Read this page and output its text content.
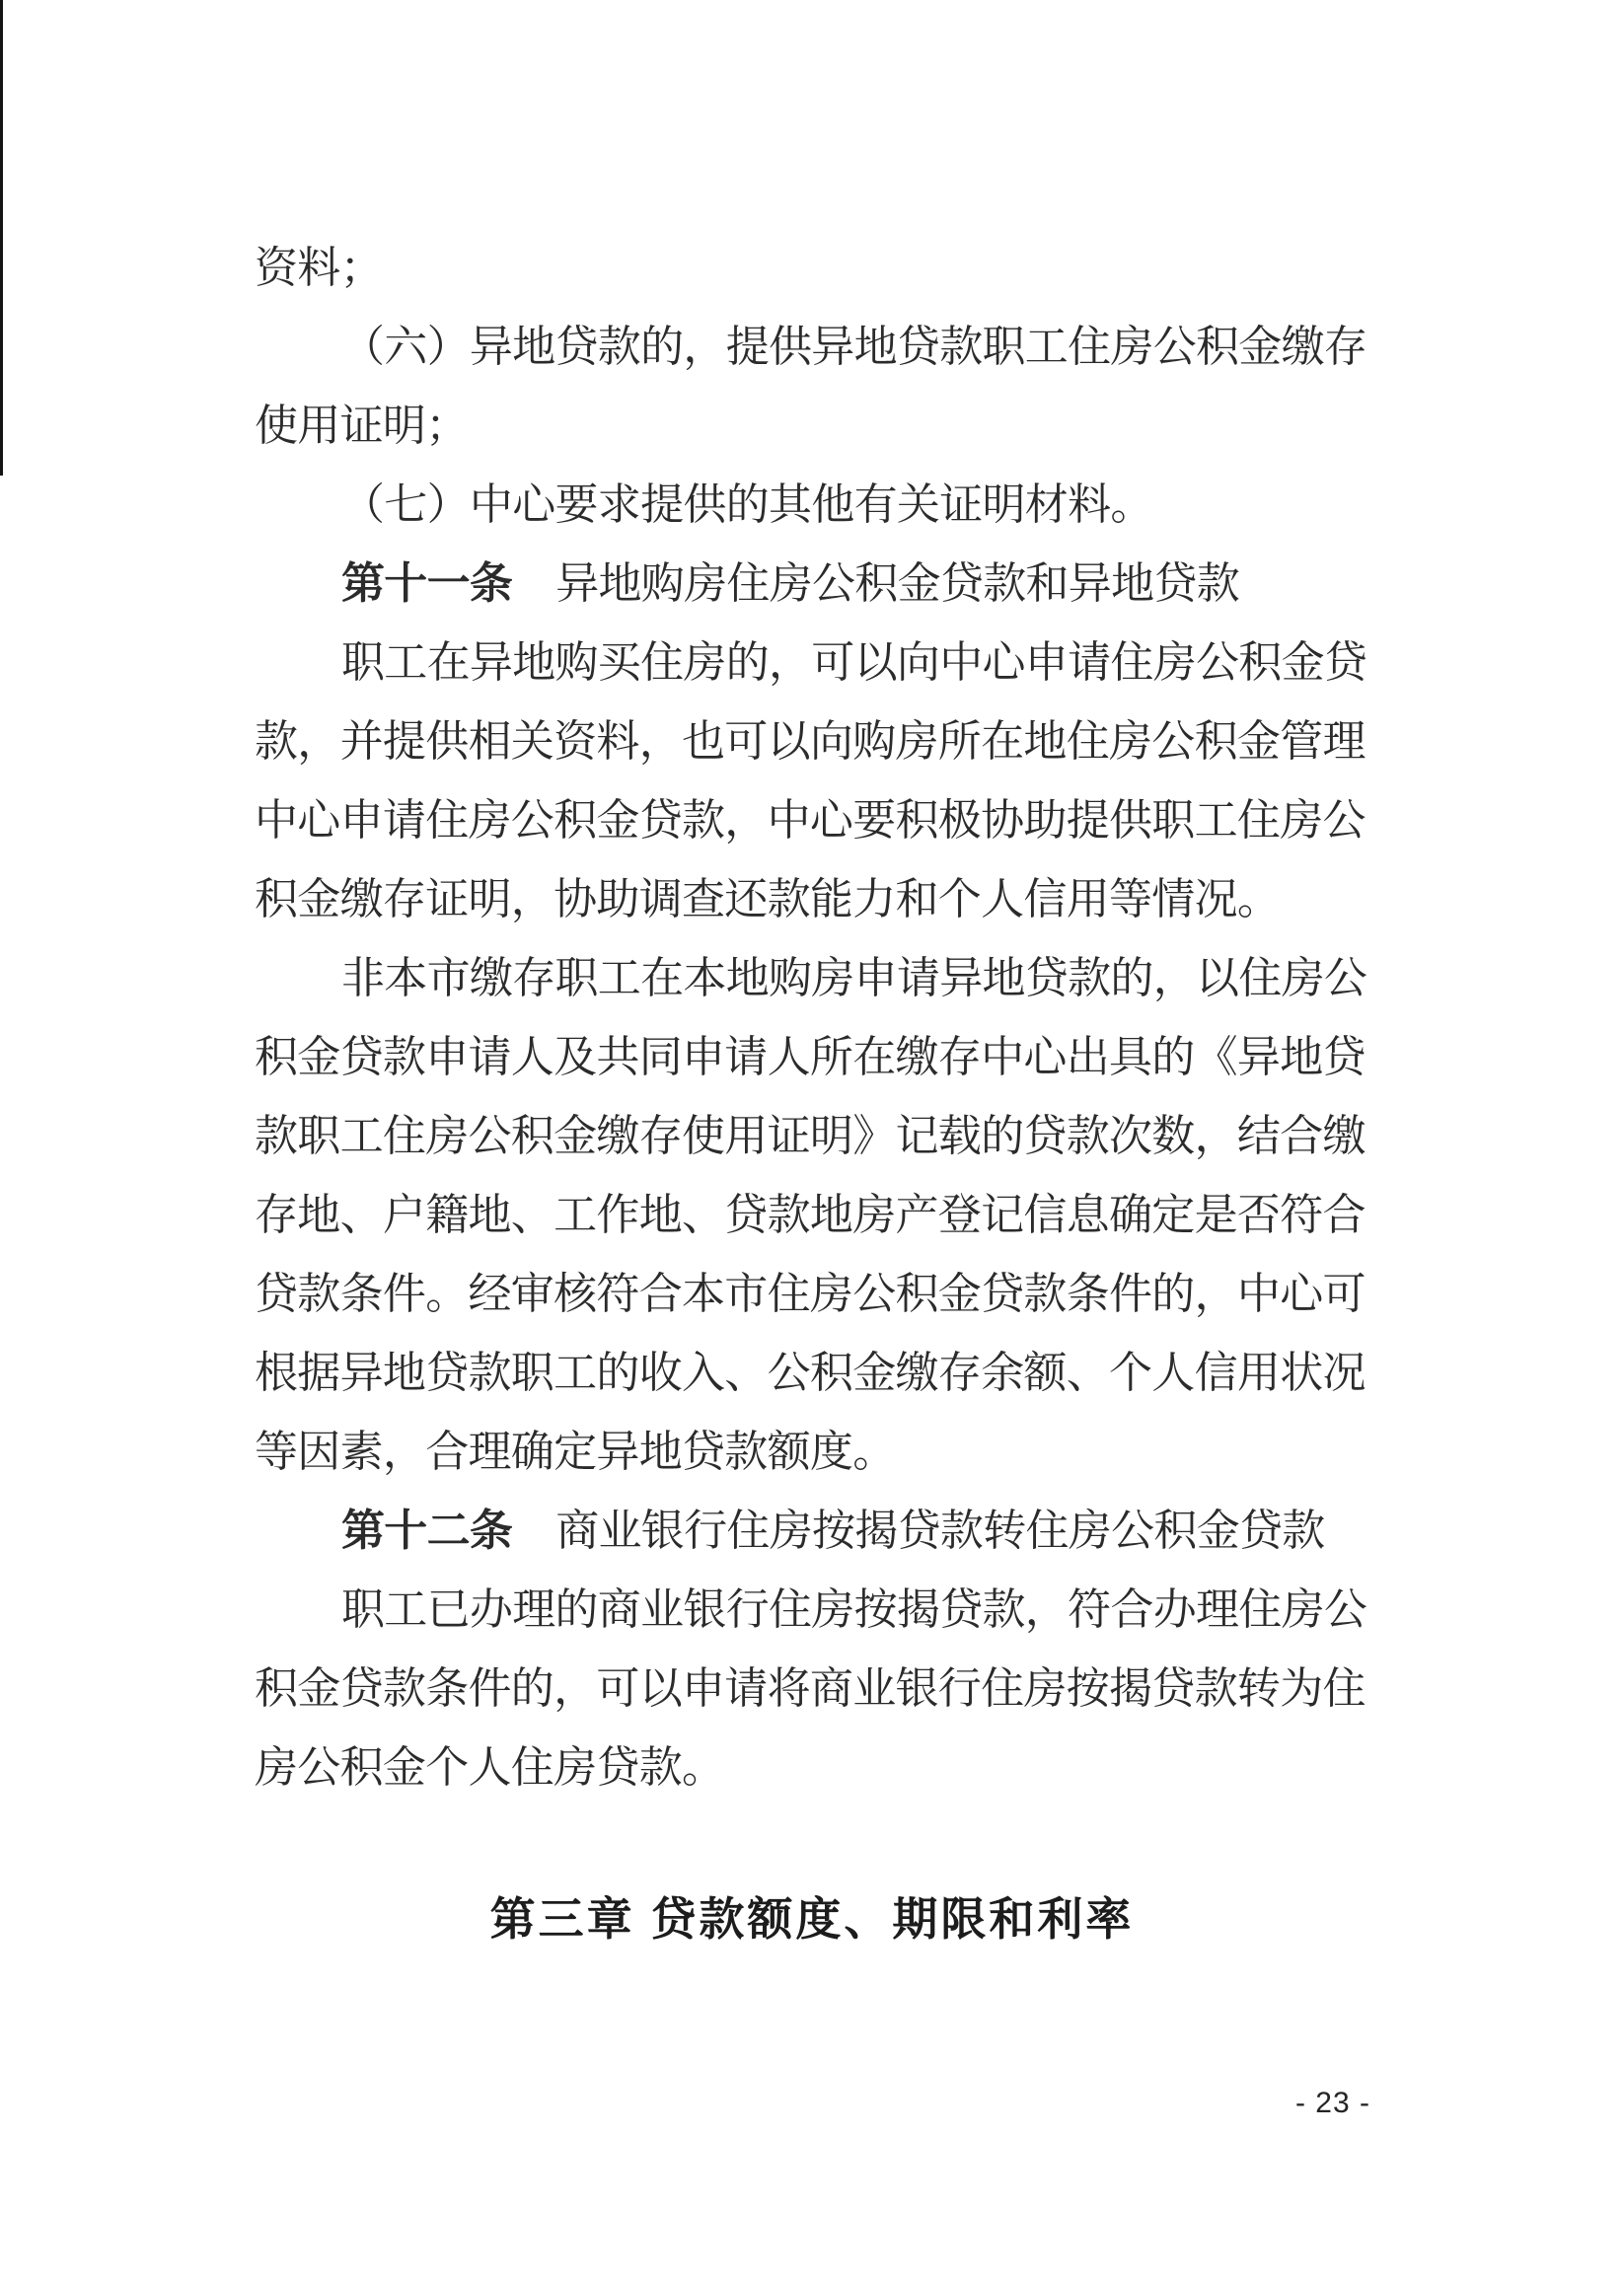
资料；
（六）异地贷款的，提供异地贷款职工住房公积金缴存
使用证明；
（七）中心要求提供的其他有关证明材料。
第十一条 异地购房住房公积金贷款和异地贷款
职工在异地购买住房的，可以向中心申请住房公积金贷
款，并提供相关资料，也可以向购房所在地住房公积金管理
中心申请住房公积金贷款，中心要积极协助提供职工住房公
积金缴存证明，协助调查还款能力和个人信用等情况。
非本市缴存职工在本地购房申请异地贷款的，以住房公
积金贷款申请人及共同申请人所在缴存中心出具的《异地贷
款职工住房公积金缴存使用证明》记载的贷款次数，结合缴
存地、户籍地、工作地、贷款地房产登记信息确定是否符合
贷款条件。经审核符合本市住房公积金贷款条件的，中心可
根据异地贷款职工的收入、公积金缴存余额、个人信用状况
等因素，合理确定异地贷款额度。
第十二条 商业银行住房按揭贷款转住房公积金贷款
职工已办理的商业银行住房按揭贷款，符合办理住房公
积金贷款条件的，可以申请将商业银行住房按揭贷款转为住
房公积金个人住房贷款。
第三章 贷款额度、期限和利率
- 23 -
